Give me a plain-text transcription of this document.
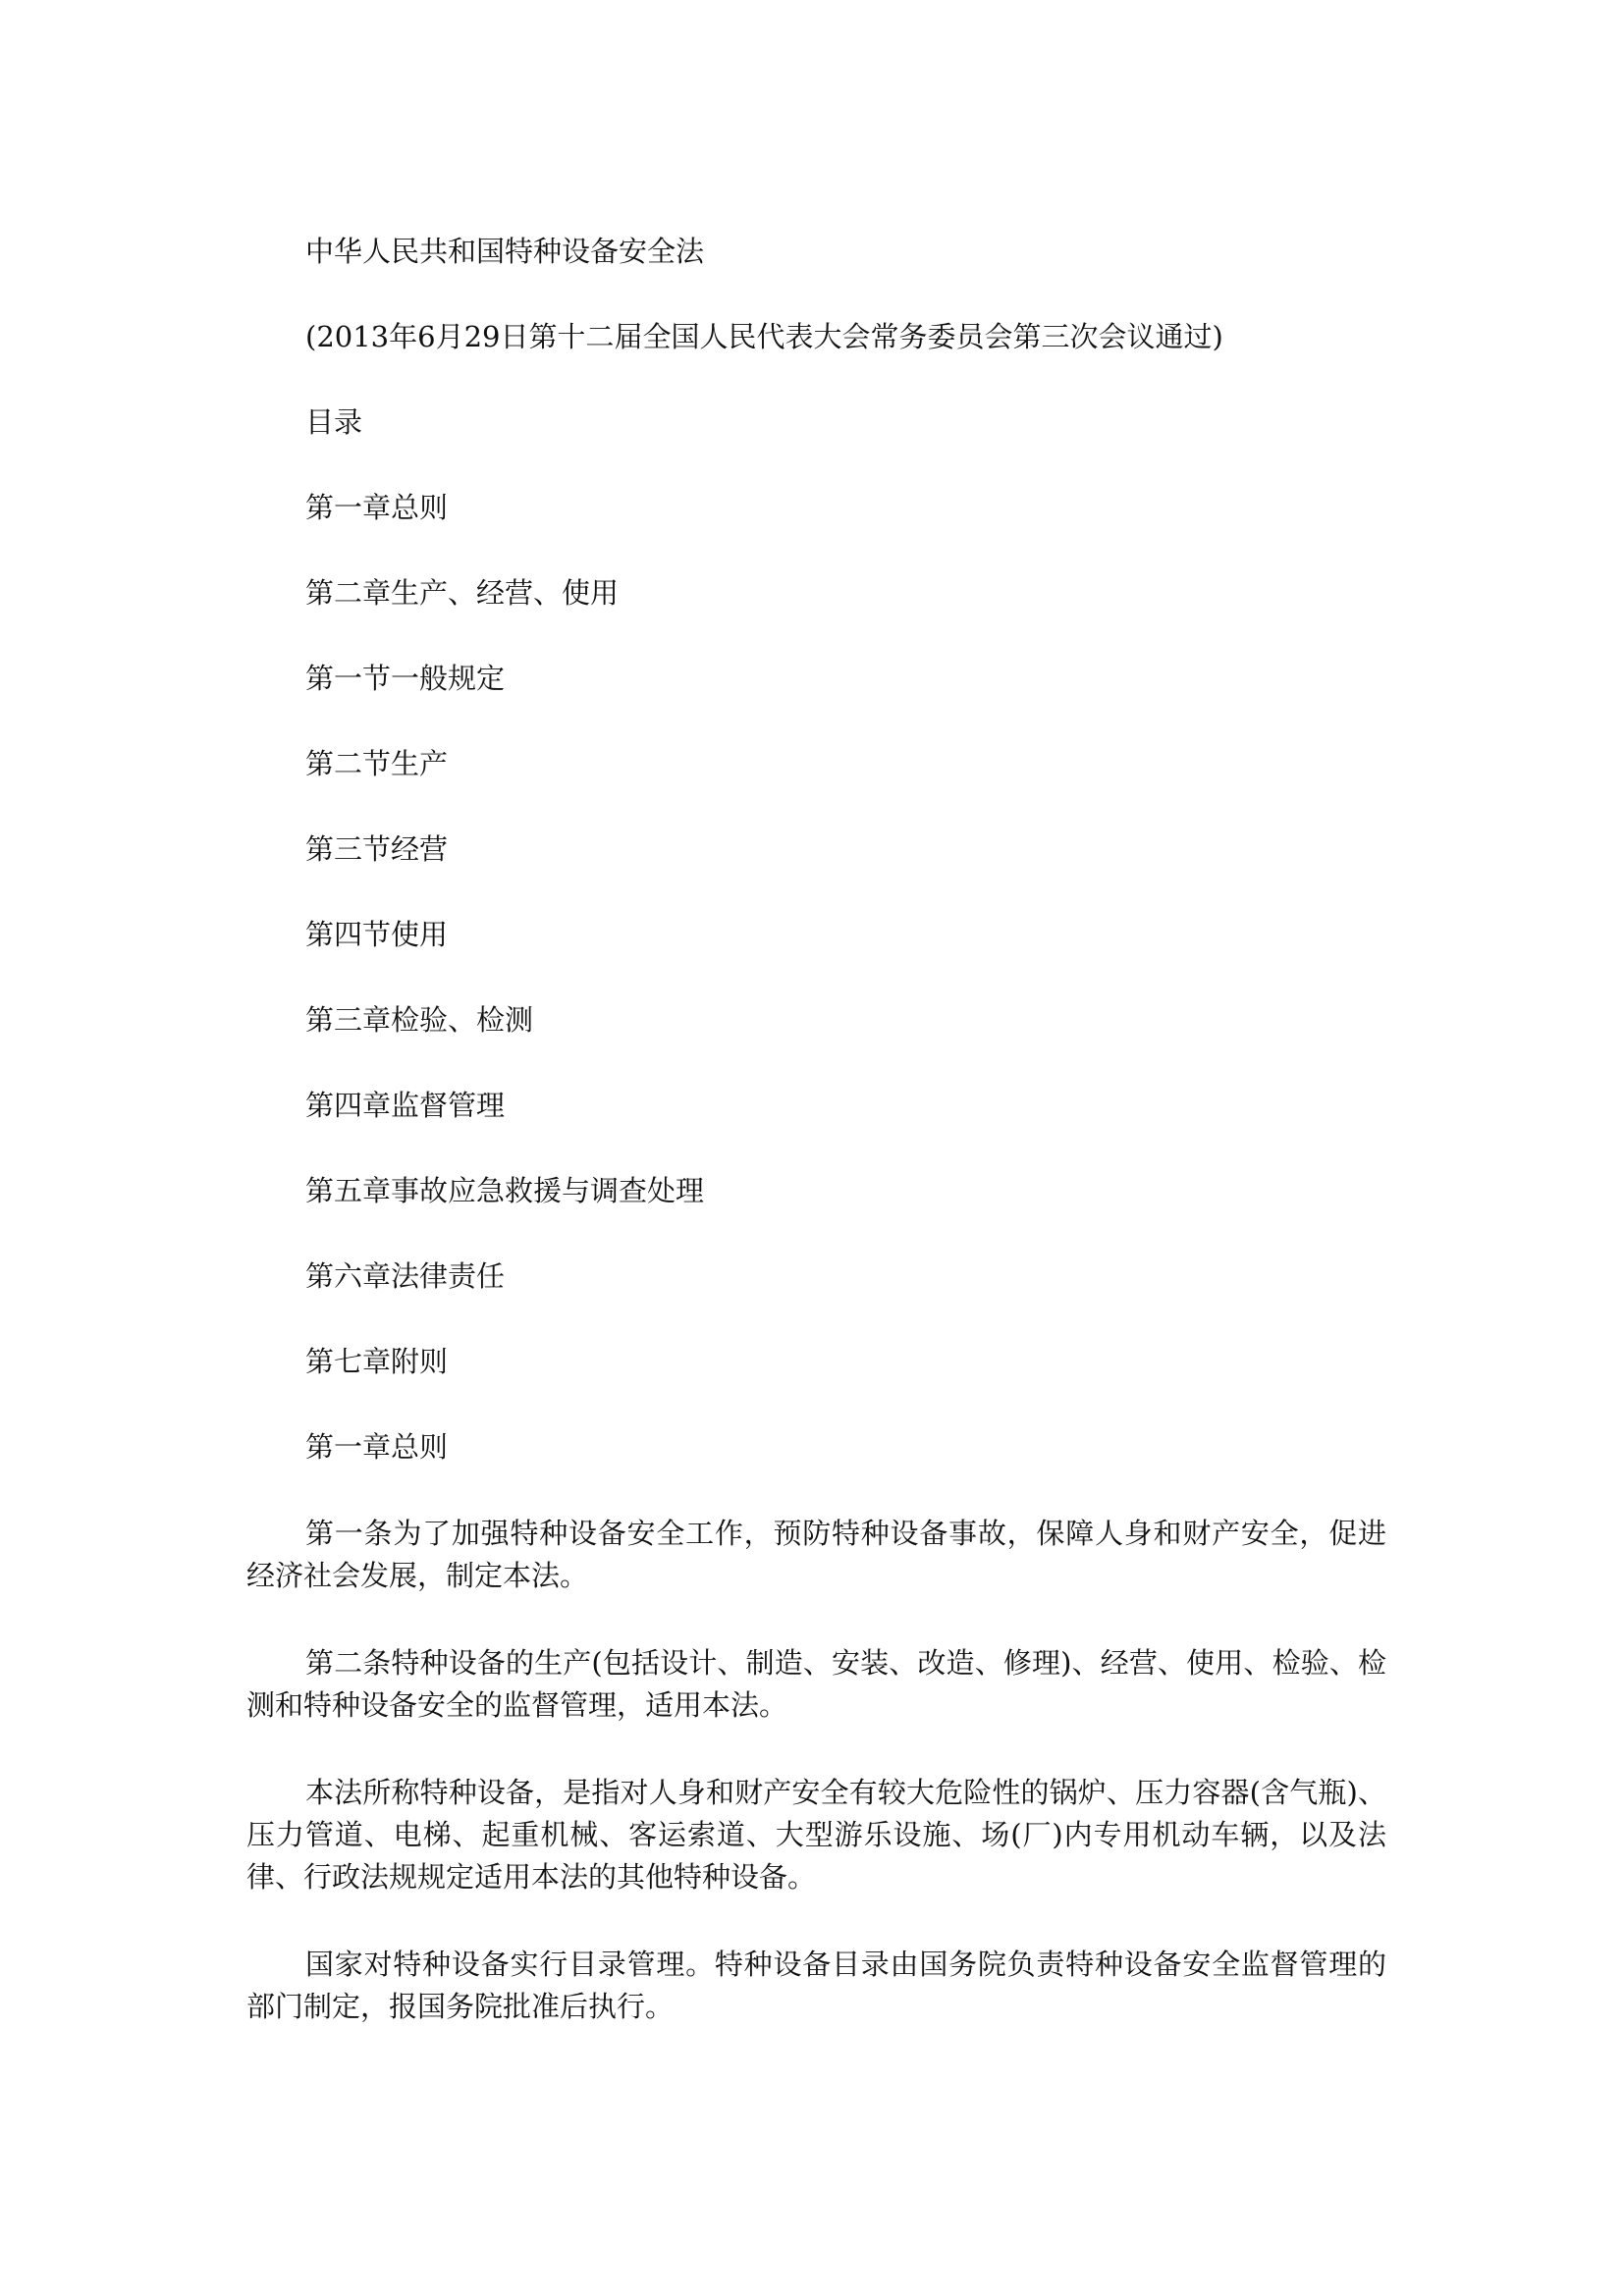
中华人民共和国特种设备安全法

(2013年6月29日第十二届全国人民代表大会常务委员会第三次会议通过)

目录

第一章总则

第二章生产、经营、使用

第一节一般规定

第二节生产

第三节经营

第四节使用

第三章检验、检测

第四章监督管理

第五章事故应急救援与调查处理

第六章法律责任

第七章附则

第一章总则

第一条为了加强特种设备安全工作，预防特种设备事故，保障人身和财产安全，促进经济社会发展，制定本法。

第二条特种设备的生产(包括设计、制造、安装、改造、修理)、经营、使用、检验、检测和特种设备安全的监督管理，适用本法。

本法所称特种设备，是指对人身和财产安全有较大危险性的锅炉、压力容器(含气瓶)、压力管道、电梯、起重机械、客运索道、大型游乐设施、场(厂)内专用机动车辆，以及法律、行政法规规定适用本法的其他特种设备。

国家对特种设备实行目录管理。特种设备目录由国务院负责特种设备安全监督管理的部门制定，报国务院批准后执行。
